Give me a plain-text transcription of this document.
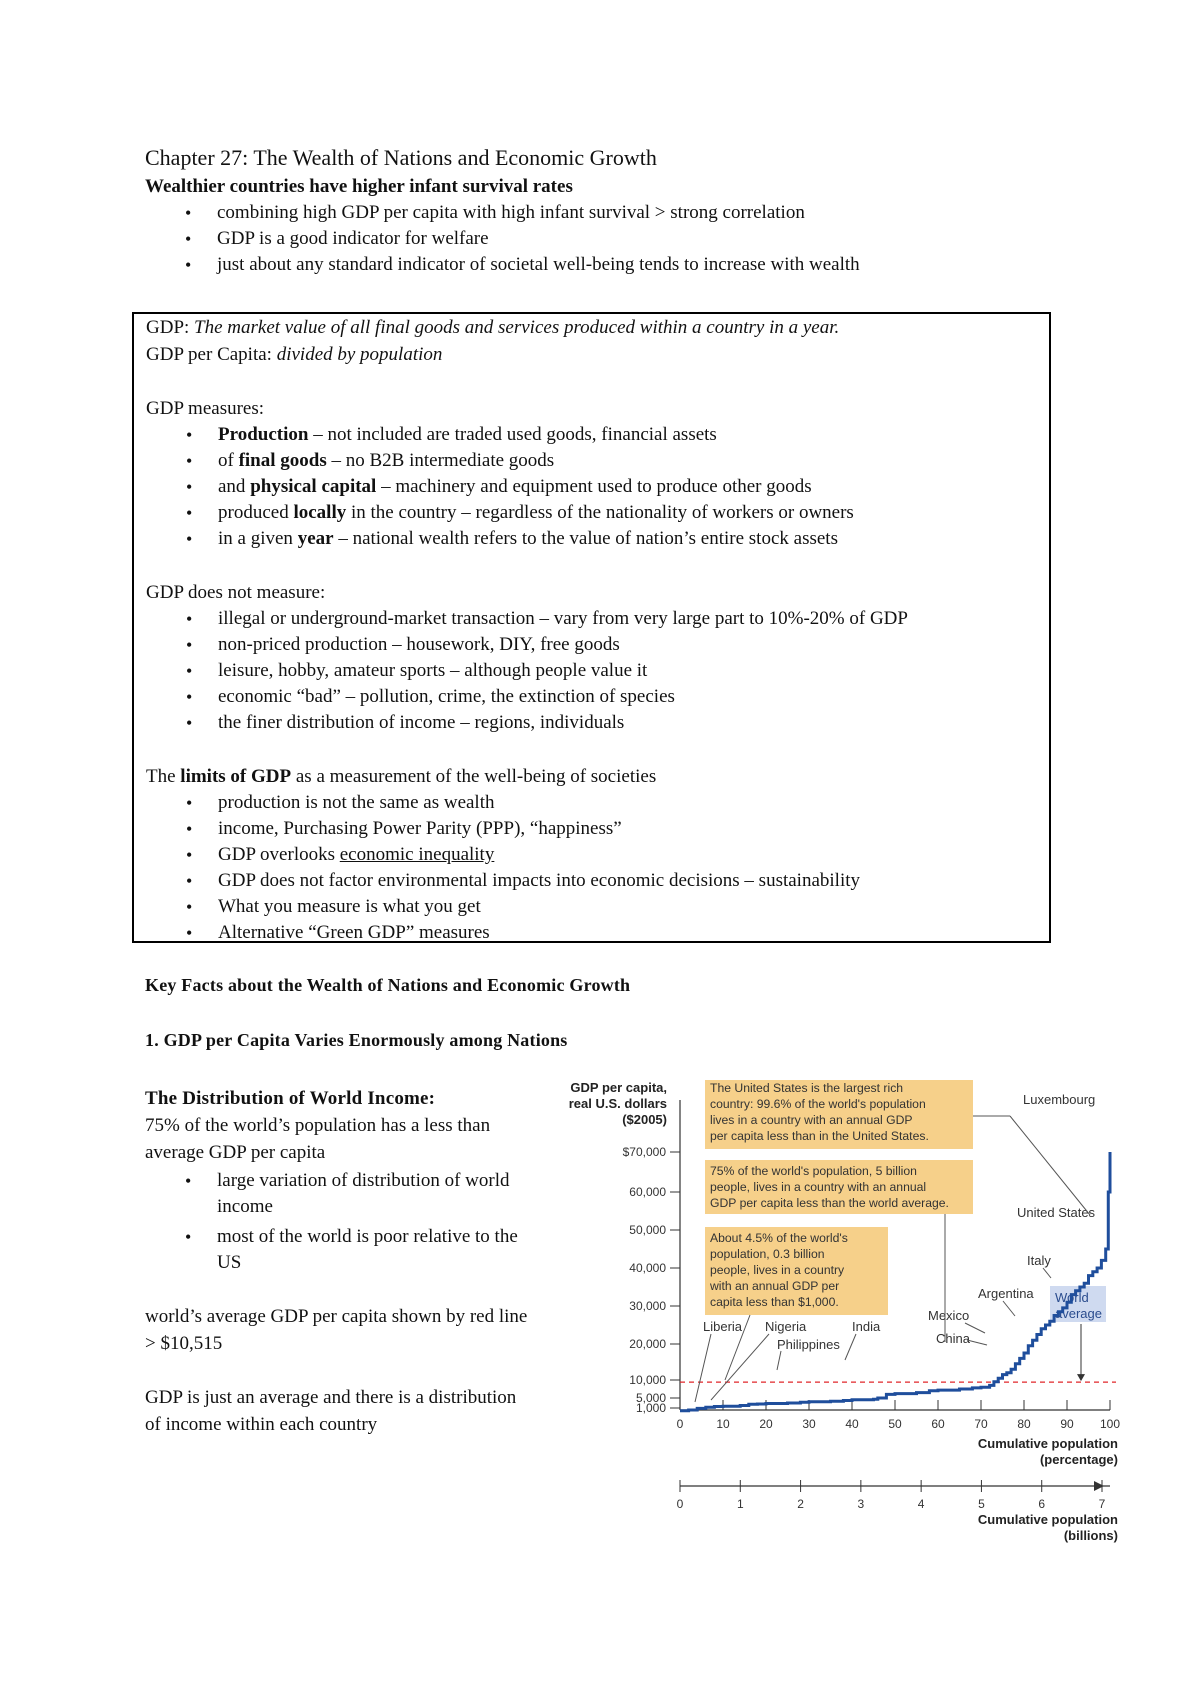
Chapter 27: The Wealth of Nations and Economic Growth
Wealthier countries have higher infant survival rates
• combining high GDP per capita with high infant survival > strong correlation
• GDP is a good indicator for welfare
• just about any standard indicator of societal well-being tends to increase with wealth
GDP: The market value of all final goods and services produced within a country in a year.
GDP per Capita: divided by population
GDP measures:
• Production – not included are traded used goods, financial assets
• of final goods – no B2B intermediate goods
• and physical capital – machinery and equipment used to produce other goods
• produced locally in the country – regardless of the nationality of workers or owners
• in a given year – national wealth refers to the value of nation’s entire stock assets
GDP does not measure:
• illegal or underground-market transaction – vary from very large part to 10%-20% of GDP
• non-priced production – housework, DIY, free goods
• leisure, hobby, amateur sports – although people value it
• economic “bad” – pollution, crime, the extinction of species
• the finer distribution of income – regions, individuals
The limits of GDP as a measurement of the well-being of societies
• production is not the same as wealth
• income, Purchasing Power Parity (PPP), “happiness”
• GDP overlooks economic inequality
• GDP does not factor environmental impacts into economic decisions – sustainability
• What you measure is what you get
• Alternative “Green GDP” measures
Key Facts about the Wealth of Nations and Economic Growth
1. GDP per Capita Varies Enormously among Nations
The Distribution of World Income:
75% of the world’s population has a less than average GDP per capita
• large variation of distribution of world income
• most of the world is poor relative to the US
world’s average GDP per capita shown by red line > $10,515
GDP is just an average and there is a distribution of income within each country
GDP per capita,
real U.S. dollars
($2005)
1,000
5,000
10,000
20,000
30,000
40,000
50,000
60,000
$70,000
0	10 20 30 40 50 60 70 80 90 100
Cumulative population
(percentage)
0	1	2	3	4	5	6	7
Cumulative population
(billions)
The United States is the largest rich
country: 99.6% of the world's population
lives in a country with an annual GDP
per capita less than in the United States.
75% of the world's population, 5 billion
people, lives in a country with an annual
GDP per capita less than the world average.
About 4.5% of the world's
population, 0.3 billion
people, lives in a country
with an annual GDP per
capita less than $1,000.	World
average
Liberia Nigeria
Philippines
India
Mexico
China
Argentina
Italy
United States
Luxembourg
